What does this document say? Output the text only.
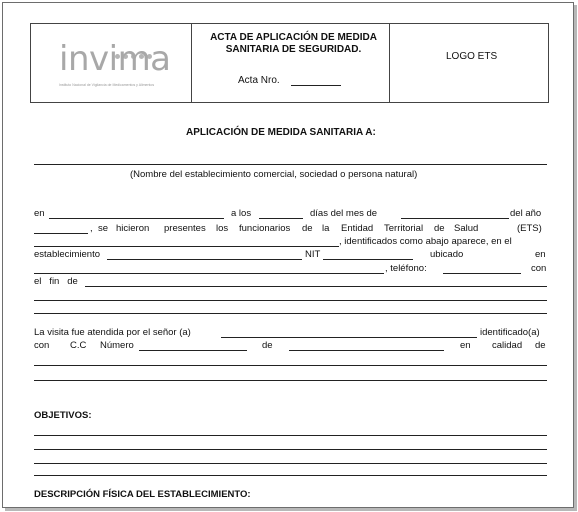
invima
Instituto Nacional de Vigilancia de Medicamentos y Alimentos
ACTA DE APLICACIÓN DE MEDIDA
SANITARIA DE SEGURIDAD.
Acta Nro.
LOGO ETS
APLICACIÓN DE MEDIDA SANITARIA A:
(Nombre del establecimiento comercial, sociedad o persona natural)
en	a los	días del mes de	del año
, se hicieron presentes los funcionarios de la Entidad Territorial de Salud	(ETS)
, identificados como abajo aparece, en el
establecimiento	NIT	ubicado	en
, teléfono:	con
el   fin   de
La visita fue atendida por el señor (a)	identificado(a)
con C.C Número	de	en calidad de
OBJETIVOS:
DESCRIPCIÓN FÍSICA DEL ESTABLECIMIENTO:
